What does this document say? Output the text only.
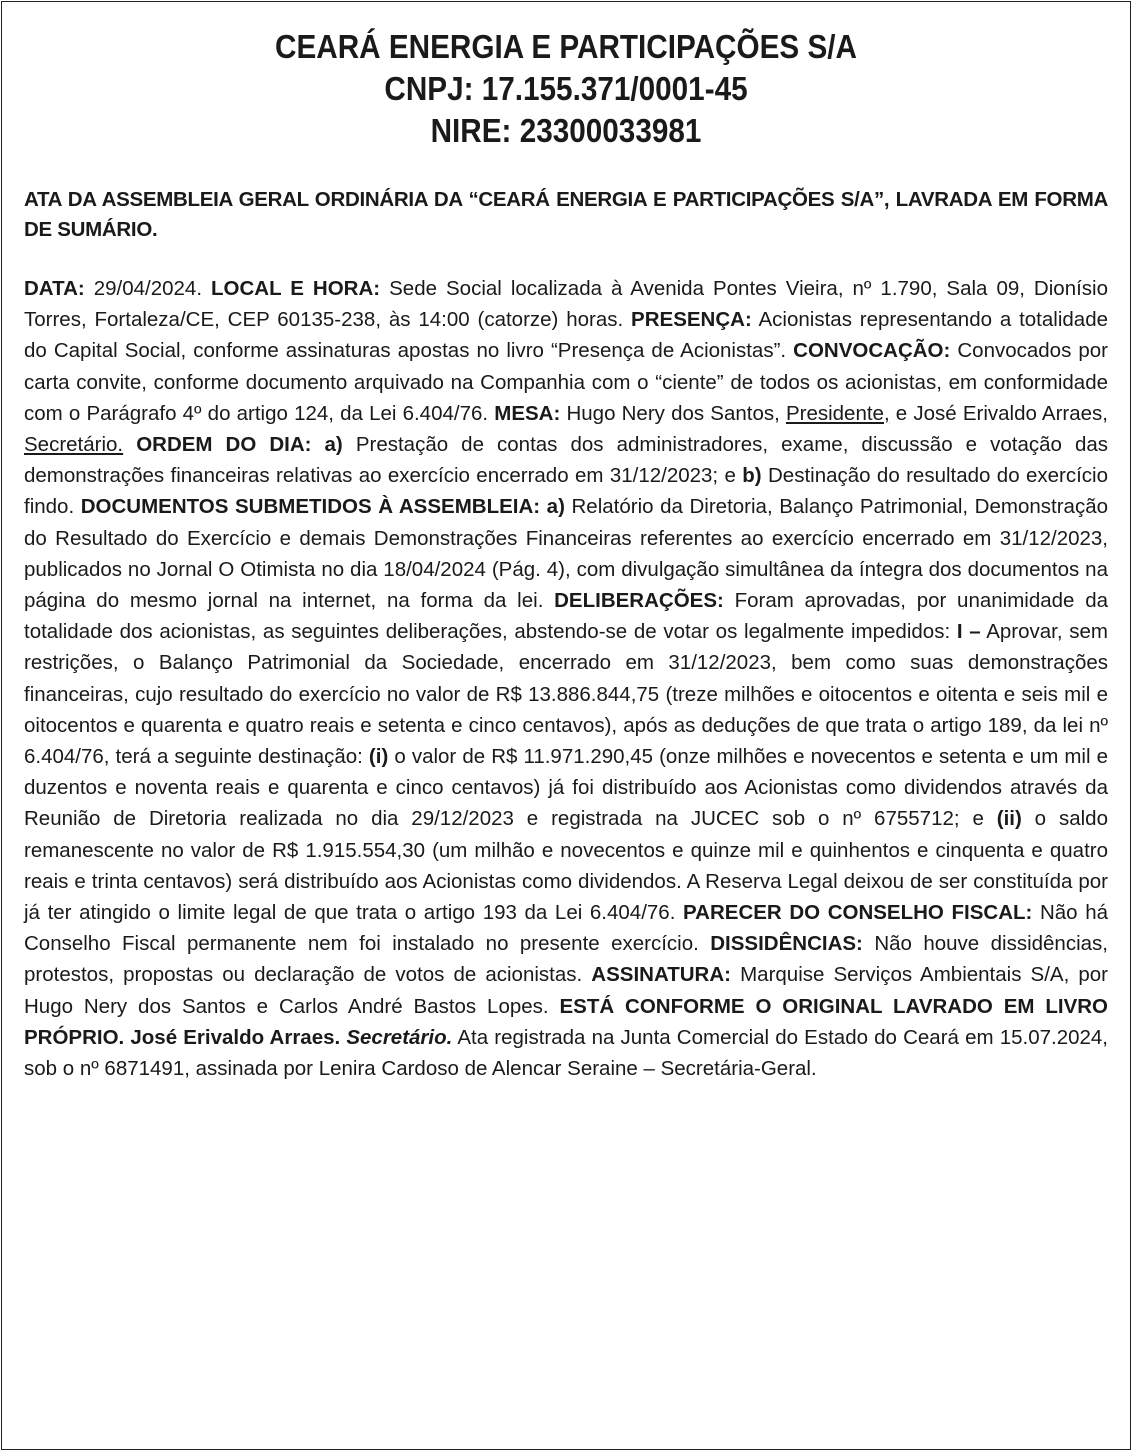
CEARÁ ENERGIA E PARTICIPAÇÕES S/A
CNPJ: 17.155.371/0001-45
NIRE: 23300033981
ATA DA ASSEMBLEIA GERAL ORDINÁRIA DA “CEARÁ ENERGIA E PARTICIPAÇÕES S/A”, LAVRADA EM FORMA DE SUMÁRIO.
DATA: 29/04/2024. LOCAL E HORA: Sede Social localizada à Avenida Pontes Vieira, nº 1.790, Sala 09, Dionísio Torres, Fortaleza/CE, CEP 60135-238, às 14:00 (catorze) horas. PRESENÇA: Acionistas representando a totalidade do Capital Social, conforme assinaturas apostas no livro “Presença de Acionistas”. CONVOCAÇÃO: Convocados por carta convite, conforme documento arquivado na Companhia com o “ciente” de todos os acionistas, em conformidade com o Parágrafo 4º do artigo 124, da Lei 6.404/76. MESA: Hugo Nery dos Santos, Presidente, e José Erivaldo Arraes, Secretário. ORDEM DO DIA: a) Prestação de contas dos administradores, exame, discussão e votação das demonstrações financeiras relativas ao exercício encerrado em 31/12/2023; e b) Destinação do resultado do exercício findo. DOCUMENTOS SUBMETIDOS À ASSEMBLEIA: a) Relatório da Diretoria, Balanço Patrimonial, Demonstração do Resultado do Exercício e demais Demonstrações Financeiras referentes ao exercício encerrado em 31/12/2023, publicados no Jornal O Otimista no dia 18/04/2024 (Pág. 4), com divulgação simultânea da íntegra dos documentos na página do mesmo jornal na internet, na forma da lei. DELIBERAÇÕES: Foram aprovadas, por unanimidade da totalidade dos acionistas, as seguintes deliberações, abstendo-se de votar os legalmente impedidos: I – Aprovar, sem restrições, o Balanço Patrimonial da Sociedade, encerrado em 31/12/2023, bem como suas demonstrações financeiras, cujo resultado do exercício no valor de R$ 13.886.844,75 (treze milhões e oitocentos e oitenta e seis mil e oitocentos e quarenta e quatro reais e setenta e cinco centavos), após as deduções de que trata o artigo 189, da lei nº 6.404/76, terá a seguinte destinação: (i) o valor de R$ 11.971.290,45 (onze milhões e novecentos e setenta e um mil e duzentos e noventa reais e quarenta e cinco centavos) já foi distribuído aos Acionistas como dividendos através da Reunião de Diretoria realizada no dia 29/12/2023 e registrada na JUCEC sob o nº 6755712; e (ii) o saldo remanescente no valor de R$ 1.915.554,30 (um milhão e novecentos e quinze mil e quinhentos e cinquenta e quatro reais e trinta centavos) será distribuído aos Acionistas como dividendos. A Reserva Legal deixou de ser constituída por já ter atingido o limite legal de que trata o artigo 193 da Lei 6.404/76. PARECER DO CONSELHO FISCAL: Não há Conselho Fiscal permanente nem foi instalado no presente exercício. DISSIDÊNCIAS: Não houve dissidências, protestos, propostas ou declaração de votos de acionistas. ASSINATURA: Marquise Serviços Ambientais S/A, por Hugo Nery dos Santos e Carlos André Bastos Lopes. ESTÁ CONFORME O ORIGINAL LAVRADO EM LIVRO PRÓPRIO. José Erivaldo Arraes. Secretário. Ata registrada na Junta Comercial do Estado do Ceará em 15.07.2024, sob o nº 6871491, assinada por Lenira Cardoso de Alencar Seraine – Secretária-Geral.
